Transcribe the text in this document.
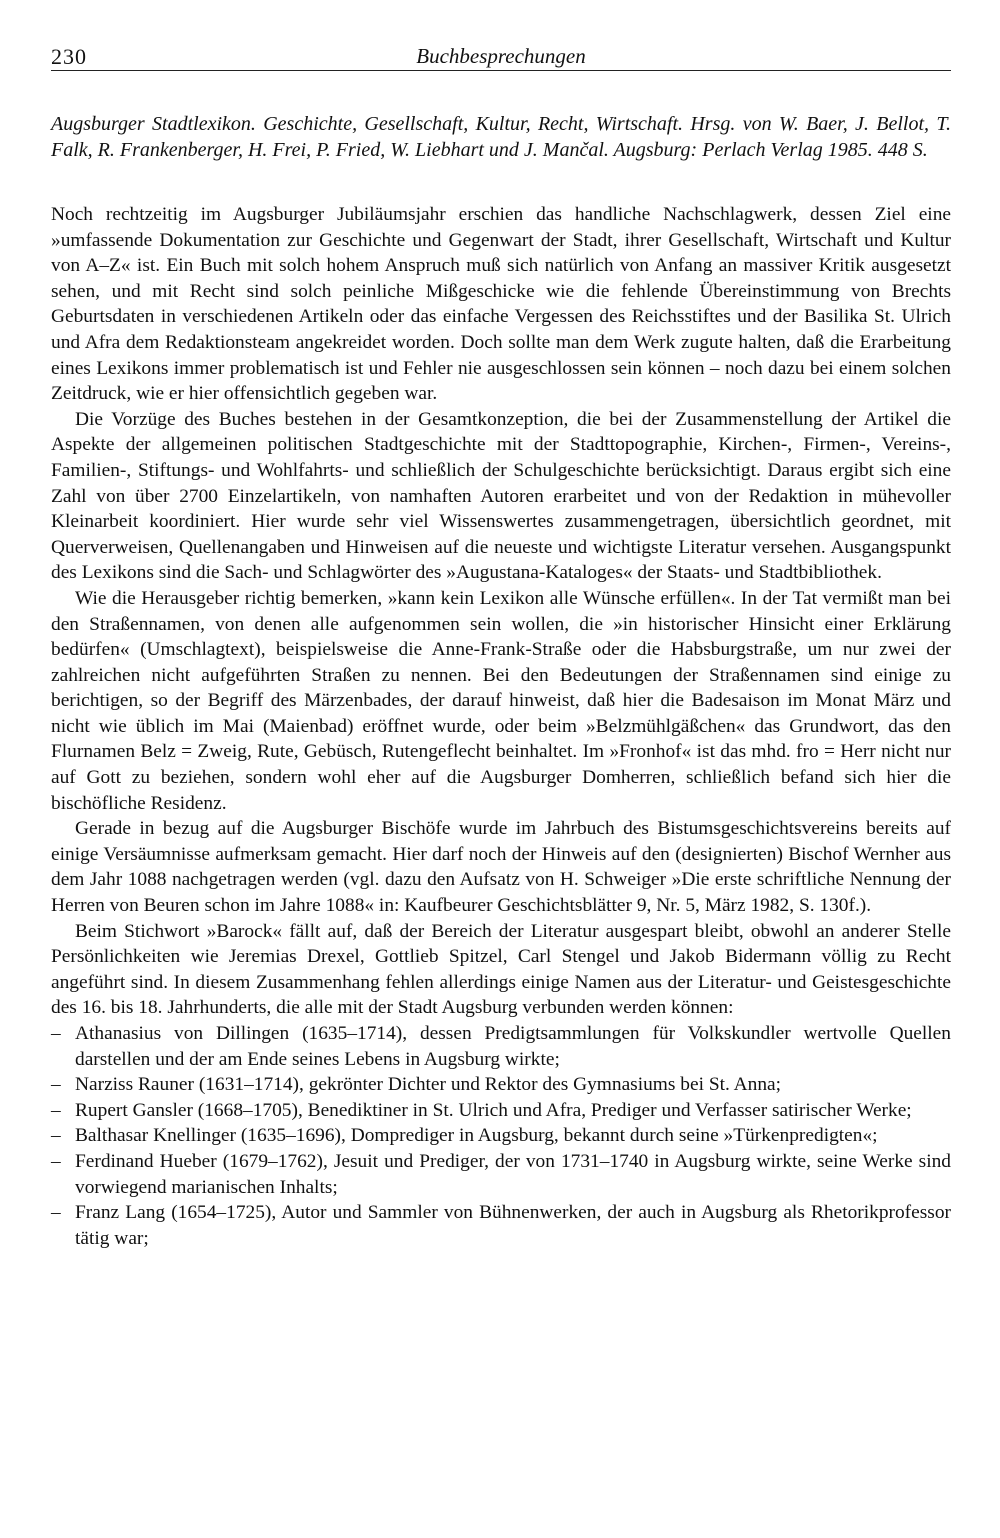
230	Buchbesprechungen

Augsburger Stadtlexikon. Geschichte, Gesellschaft, Kultur, Recht, Wirtschaft. Hrsg. von W. Baer, J. Bellot, T. Falk, R. Frankenberger, H. Frei, P. Fried, W. Liebhart und J. Mančal. Augsburg: Perlach Verlag 1985. 448 S.

Noch rechtzeitig im Augsburger Jubiläumsjahr erschien das handliche Nachschlagwerk, dessen Ziel eine »umfassende Dokumentation zur Geschichte und Gegenwart der Stadt, ihrer Gesellschaft, Wirtschaft und Kultur von A–Z« ist. Ein Buch mit solch hohem Anspruch muß sich natürlich von Anfang an massiver Kritik ausgesetzt sehen, und mit Recht sind solch peinliche Mißgeschicke wie die fehlende Übereinstimmung von Brechts Geburtsdaten in verschiedenen Artikeln oder das einfache Vergessen des Reichsstiftes und der Basilika St. Ulrich und Afra dem Redaktionsteam angekreidet worden. Doch sollte man dem Werk zugute halten, daß die Erarbeitung eines Lexikons immer problematisch ist und Fehler nie ausgeschlossen sein können – noch dazu bei einem solchen Zeitdruck, wie er hier offensichtlich gegeben war.

Die Vorzüge des Buches bestehen in der Gesamtkonzeption, die bei der Zusammenstellung der Artikel die Aspekte der allgemeinen politischen Stadtgeschichte mit der Stadttopographie, Kirchen-, Firmen-, Vereins-, Familien-, Stiftungs- und Wohlfahrts- und schließlich der Schulgeschichte berücksichtigt. Daraus ergibt sich eine Zahl von über 2700 Einzelartikeln, von namhaften Autoren erarbeitet und von der Redaktion in mühevoller Kleinarbeit koordiniert. Hier wurde sehr viel Wissenswertes zusammengetragen, übersichtlich geordnet, mit Querverweisen, Quellenangaben und Hinweisen auf die neueste und wichtigste Literatur versehen. Ausgangspunkt des Lexikons sind die Sach- und Schlagwörter des »Augustana-Kataloges« der Staats- und Stadtbibliothek.

Wie die Herausgeber richtig bemerken, »kann kein Lexikon alle Wünsche erfüllen«. In der Tat vermißt man bei den Straßennamen, von denen alle aufgenommen sein wollen, die »in historischer Hinsicht einer Erklärung bedürfen« (Umschlagtext), beispielsweise die Anne-Frank-Straße oder die Habsburgstraße, um nur zwei der zahlreichen nicht aufgeführten Straßen zu nennen. Bei den Bedeutungen der Straßennamen sind einige zu berichtigen, so der Begriff des Märzenbades, der darauf hinweist, daß hier die Badesaison im Monat März und nicht wie üblich im Mai (Maienbad) eröffnet wurde, oder beim »Belzmühlgäßchen« das Grundwort, das den Flurnamen Belz = Zweig, Rute, Gebüsch, Rutengeflecht beinhaltet. Im »Fronhof« ist das mhd. fro = Herr nicht nur auf Gott zu beziehen, sondern wohl eher auf die Augsburger Domherren, schließlich befand sich hier die bischöfliche Residenz.

Gerade in bezug auf die Augsburger Bischöfe wurde im Jahrbuch des Bistumsgeschichtsvereins bereits auf einige Versäumnisse aufmerksam gemacht. Hier darf noch der Hinweis auf den (designierten) Bischof Wernher aus dem Jahr 1088 nachgetragen werden (vgl. dazu den Aufsatz von H. Schweiger »Die erste schriftliche Nennung der Herren von Beuren schon im Jahre 1088« in: Kaufbeurer Geschichtsblätter 9, Nr. 5, März 1982, S. 130f.).

Beim Stichwort »Barock« fällt auf, daß der Bereich der Literatur ausgespart bleibt, obwohl an anderer Stelle Persönlichkeiten wie Jeremias Drexel, Gottlieb Spitzel, Carl Stengel und Jakob Bidermann völlig zu Recht angeführt sind. In diesem Zusammenhang fehlen allerdings einige Namen aus der Literatur- und Geistesgeschichte des 16. bis 18. Jahrhunderts, die alle mit der Stadt Augsburg verbunden werden können:

– Athanasius von Dillingen (1635–1714), dessen Predigtsammlungen für Volkskundler wertvolle Quellen darstellen und der am Ende seines Lebens in Augsburg wirkte;
– Narziss Rauner (1631–1714), gekrönter Dichter und Rektor des Gymnasiums bei St. Anna;
– Rupert Gansler (1668–1705), Benediktiner in St. Ulrich und Afra, Prediger und Verfasser satirischer Werke;
– Balthasar Knellinger (1635–1696), Domprediger in Augsburg, bekannt durch seine »Türkenpredigten«;
– Ferdinand Hueber (1679–1762), Jesuit und Prediger, der von 1731–1740 in Augsburg wirkte, seine Werke sind vorwiegend marianischen Inhalts;
– Franz Lang (1654–1725), Autor und Sammler von Bühnenwerken, der auch in Augsburg als Rhetorikprofessor tätig war;
